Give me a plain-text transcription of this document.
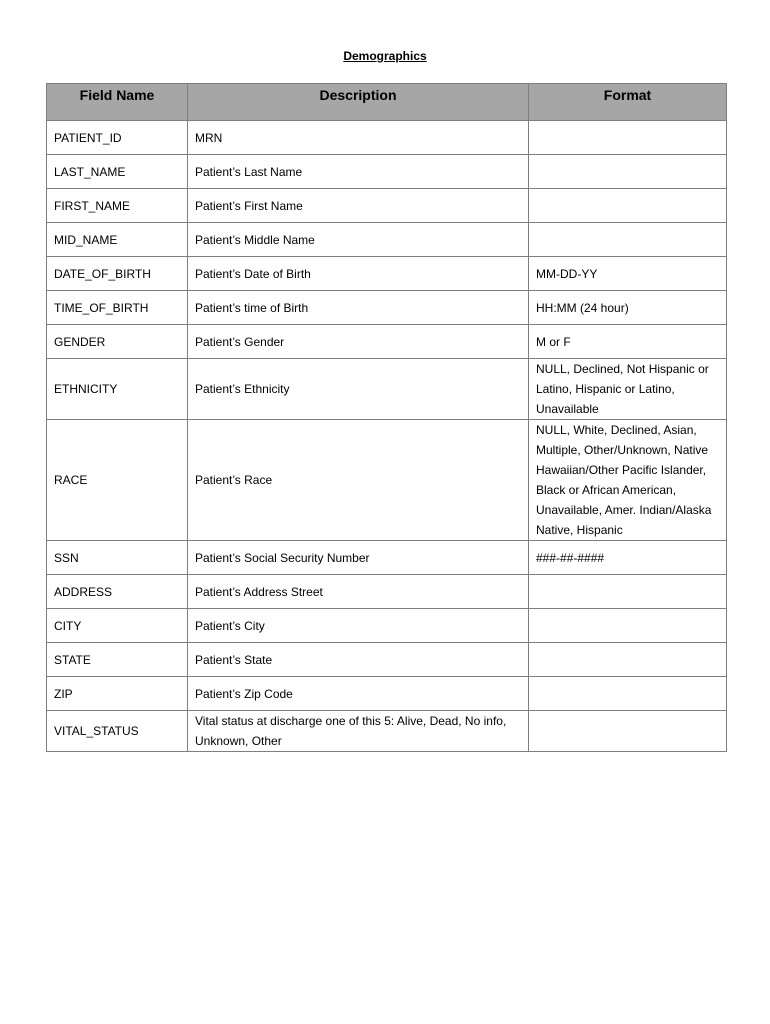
Demographics
Field Name	Description	Format
PATIENT_ID	MRN	
LAST_NAME	Patient’s Last Name	
FIRST_NAME	Patient’s First Name	
MID_NAME	Patient’s Middle Name	
DATE_OF_BIRTH	Patient’s Date of Birth	MM-DD-YY
TIME_OF_BIRTH	Patient’s time of Birth	HH:MM (24 hour)
GENDER	Patient’s Gender	M or F
ETHNICITY	Patient’s Ethnicity	NULL, Declined, Not Hispanic or Latino, Hispanic or Latino, Unavailable
RACE	Patient’s Race	NULL, White, Declined, Asian, Multiple, Other/Unknown, Native Hawaiian/Other Pacific Islander, Black or African American, Unavailable, Amer. Indian/Alaska Native, Hispanic
SSN	Patient’s Social Security Number	###-##-####
ADDRESS	Patient’s Address Street	
CITY	Patient’s City	
STATE	Patient’s State	
ZIP	Patient’s Zip Code	
VITAL_STATUS	Vital status at discharge one of this 5: Alive, Dead, No info, Unknown, Other	
